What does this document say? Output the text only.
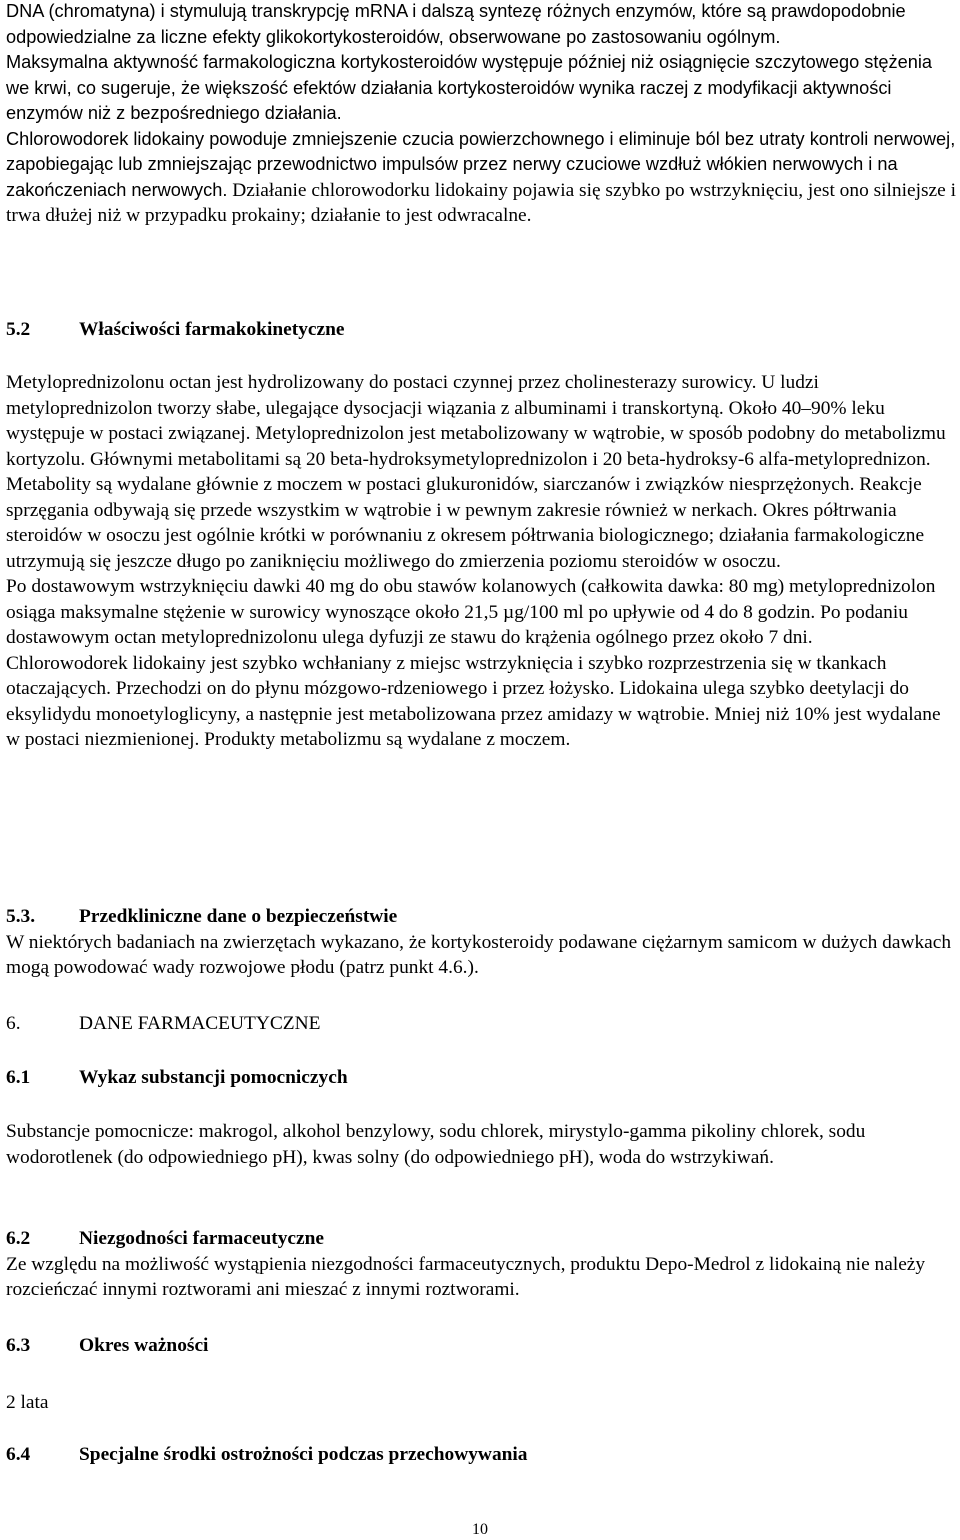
DNA (chromatyna) i stymulują transkrypcję mRNA i dalszą syntezę różnych enzymów, które są prawdopodobnie odpowiedzialne za liczne efekty glikokortykosteroidów, obserwowane po zastosowaniu ogólnym.

Maksymalna aktywność farmakologiczna kortykosteroidów występuje później niż osiągnięcie szczytowego stężenia we krwi, co sugeruje, że większość efektów działania kortykosteroidów wynika raczej z modyfikacji aktywności enzymów niż z bezpośredniego działania.

Chlorowodorek lidokainy powoduje zmniejszenie czucia powierzchownego i eliminuje ból bez utraty kontroli nerwowej, zapobiegając lub zmniejszając przewodnictwo impulsów przez nerwy czuciowe wzdłuż włókien nerwowych i na zakończeniach nerwowych. Działanie chlorowodorku lidokainy pojawia się szybko po wstrzyknięciu, jest ono silniejsze i trwa dłużej niż w przypadku prokainy; działanie to jest odwracalne.

5.2	Właściwości farmakokinetyczne

Metyloprednizolonu octan jest hydrolizowany do postaci czynnej przez cholinesterazy surowicy. U ludzi metyloprednizolon tworzy słabe, ulegające dysocjacji wiązania z albuminami i transkortyną. Około 40–90% leku występuje w postaci związanej. Metyloprednizolon jest metabolizowany w wątrobie, w sposób podobny do metabolizmu kortyzolu. Głównymi metabolitami są 20 beta-hydroksymetyloprednizolon i 20 beta-hydroksy-6 alfa-metyloprednizon. Metabolity są wydalane głównie z moczem w postaci glukuronidów, siarczanów i związków niesprzężonych. Reakcje sprzęgania odbywają się przede wszystkim w wątrobie i w pewnym zakresie również w nerkach. Okres półtrwania steroidów w osoczu jest ogólnie krótki w porównaniu z okresem półtrwania biologicznego; działania farmakologiczne utrzymują się jeszcze długo po zaniknięciu możliwego do zmierzenia poziomu steroidów w osoczu.

Po dostawowym wstrzyknięciu dawki 40 mg do obu stawów kolanowych (całkowita dawka: 80 mg) metyloprednizolon osiąga maksymalne stężenie w surowicy wynoszące około 21,5 µg/100 ml po upływie od 4 do 8 godzin. Po podaniu dostawowym octan metyloprednizolonu ulega dyfuzji ze stawu do krążenia ogólnego przez około 7 dni.

Chlorowodorek lidokainy jest szybko wchłaniany z miejsc wstrzyknięcia i szybko rozprzestrzenia się w tkankach otaczających. Przechodzi on do płynu mózgowo-rdzeniowego i przez łożysko. Lidokaina ulega szybko deetylacji do eksylidydu monoetyloglicyny, a następnie jest metabolizowana przez amidazy w wątrobie. Mniej niż 10% jest wydalane w postaci niezmienionej. Produkty metabolizmu są wydalane z moczem.

5.3. Przedkliniczne dane o bezpieczeństwie

W niektórych badaniach na zwierzętach wykazano, że kortykosteroidy podawane ciężarnym samicom w dużych dawkach mogą powodować wady rozwojowe płodu (patrz punkt 4.6.).

6.	DANE FARMACEUTYCZNE
6.1	Wykaz substancji pomocniczych

Substancje pomocnicze: makrogol, alkohol benzylowy, sodu chlorek, mirystylo-gamma pikoliny chlorek, sodu wodorotlenek (do odpowiedniego pH), kwas solny (do odpowiedniego pH), woda do wstrzykiwań.

6.2	Niezgodności farmaceutyczne

Ze względu na możliwość wystąpienia niezgodności farmaceutycznych, produktu Depo-Medrol z lidokainą nie należy rozcieńczać innymi roztworami ani mieszać z innymi roztworami.

6.3	Okres ważności

2 lata

6.4	Specjalne środki ostrożności podczas przechowywania
10
